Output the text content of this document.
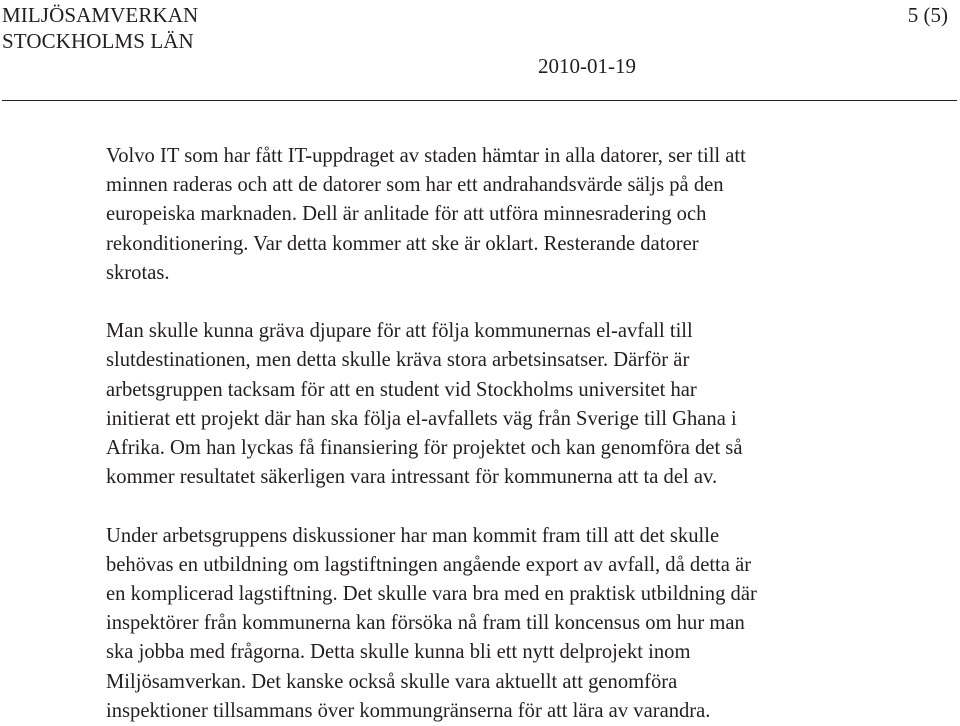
MILJÖSAMVERKAN
STOCKHOLMS LÄN
5 (5)
2010-01-19

Volvo IT som har fått IT-uppdraget av staden hämtar in alla datorer, ser till att
minnen raderas och att de datorer som har ett andrahandsvärde säljs på den
europeiska marknaden. Dell är anlitade för att utföra minnesradering och
rekonditionering. Var detta kommer att ske är oklart. Resterande datorer
skrotas.

Man skulle kunna gräva djupare för att följa kommunernas el-avfall till
slutdestinationen, men detta skulle kräva stora arbetsinsatser. Därför är
arbetsgruppen tacksam för att en student vid Stockholms universitet har
initierat ett projekt där han ska följa el-avfallets väg från Sverige till Ghana i
Afrika. Om han lyckas få finansiering för projektet och kan genomföra det så
kommer resultatet säkerligen vara intressant för kommunerna att ta del av.

Under arbetsgruppens diskussioner har man kommit fram till att det skulle
behövas en utbildning om lagstiftningen angående export av avfall, då detta är
en komplicerad lagstiftning. Det skulle vara bra med en praktisk utbildning där
inspektörer från kommunerna kan försöka nå fram till koncensus om hur man
ska jobba med frågorna. Detta skulle kunna bli ett nytt delprojekt inom
Miljösamverkan. Det kanske också skulle vara aktuellt att genomföra
inspektioner tillsammans över kommungränserna för att lära av varandra.
